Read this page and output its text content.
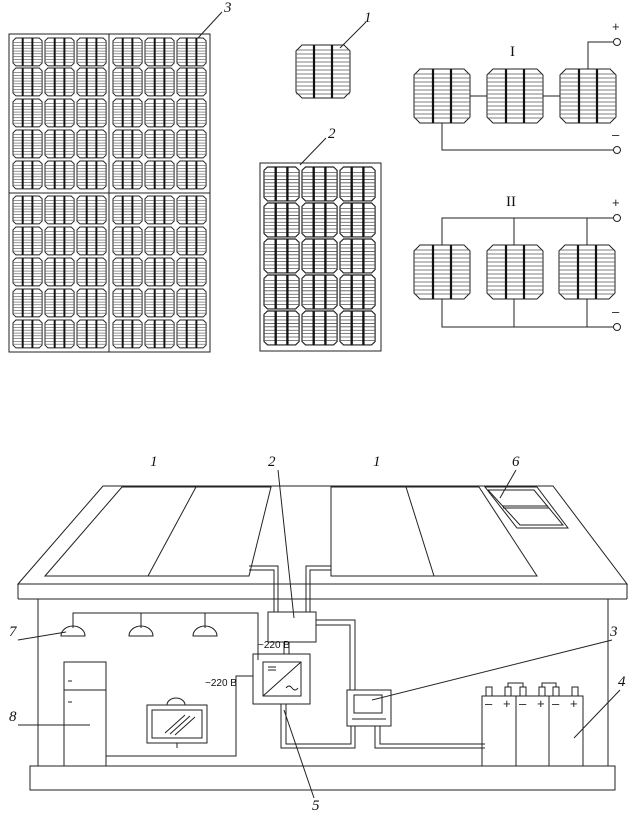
3
1
2
I
+
–
II	+
–
– + – + – +
~220 В
~220 В
1	2	1	6
7	3
4
8
5
